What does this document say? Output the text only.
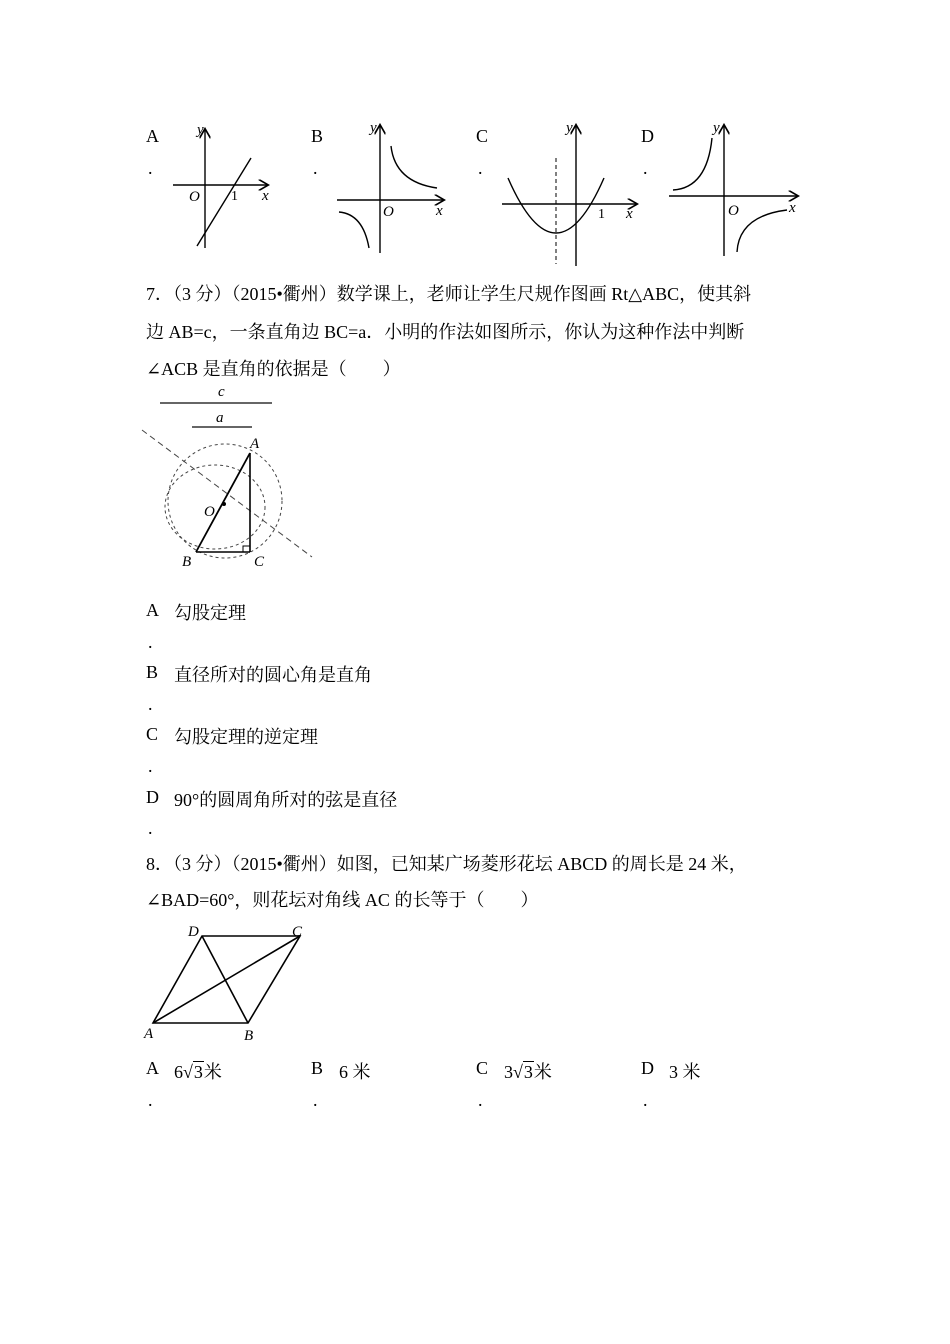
A
.
y
x
O 1
B
.
y
x
O
C
.
y
x
1
D
.
y
x
O
7．（3 分）（2015•衢州）数学课上，老师让学生尺规作图画 Rt△ABC，使其斜
边 AB=c，一条直角边 BC=a．小明的作法如图所示，你认为这种作法中判断
∠ACB 是直角的依据是（　　）
c
a
A
O
B	C
A 勾股定理
.
B 直径所对的圆心角是直角
.
C 勾股定理的逆定理
.
D 90°的圆周角所对的弦是直径
.
8．（3 分）（2015•衢州）如图，已知某广场菱形花坛 ABCD 的周长是 24 米，
∠BAD=60°，则花坛对角线 AC 的长等于（　　）
A	B
C
D
A 6√3米
.
B 6 米
.
C 3√3米
.
D 3 米
.
